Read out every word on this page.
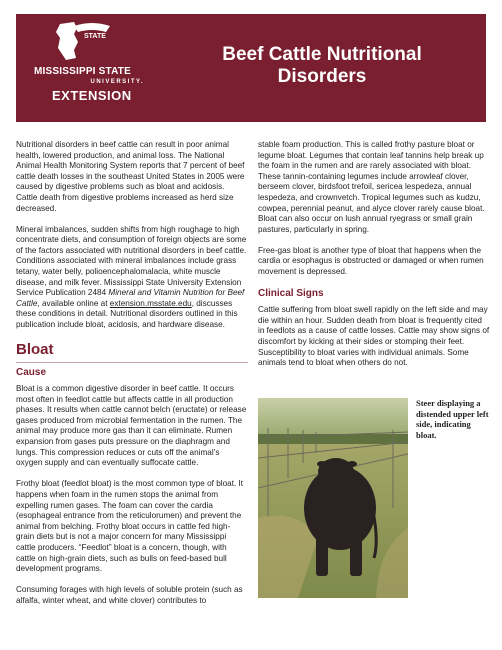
STATE
MISSISSIPPI STATE
UNIVERSITY.
EXTENSION
Beef Cattle Nutritional
Disorders

Nutritional disorders in beef cattle can result in poor animal health, lowered production, and animal loss. The National Animal Health Monitoring System reports that 7 percent of beef cattle death losses in the southeast United States in 2005 were caused by digestive problems such as bloat and acidosis. Cattle death from digestive problems increased as herd size decreased.

Mineral imbalances, sudden shifts from high roughage to high concentrate diets, and consumption of foreign objects are some of the factors associated with nutritional disorders in beef cattle. Conditions associated with mineral imbalances include grass tetany, water belly, polioencephalomalacia, white muscle disease, and milk fever. Mississippi State University Extension Service Publication 2484 Mineral and Vitamin Nutrition for Beef Cattle, available online at extension.msstate.edu, discusses these conditions in detail. Nutritional disorders outlined in this publication include bloat, acidosis, and hardware disease.

Bloat
Cause

Bloat is a common digestive disorder in beef cattle. It occurs most often in feedlot cattle but affects cattle in all production phases. It results when cattle cannot belch (eructate) or release gases produced from microbial fermentation in the rumen. The animal may produce more gas than it can eliminate. Rumen expansion from gases puts pressure on the diaphragm and lungs. This compression reduces or cuts off the animal’s oxygen supply and can eventually suffocate cattle.

Frothy bloat (feedlot bloat) is the most common type of bloat. It happens when foam in the rumen stops the animal from expelling rumen gases. The foam can cover the cardia (esophageal entrance from the reticulorumen) and prevent the animal from belching. Frothy bloat occurs in cattle fed high-grain diets but is not a major concern for many Mississippi cattle producers. “Feedlot” bloat is a concern, though, with cattle on high-grain diets, such as bulls on feed-based bull development programs.

Consuming forages with high levels of soluble protein (such as alfalfa, winter wheat, and white clover) contributes to

stable foam production. This is called frothy pasture bloat or legume bloat. Legumes that contain leaf tannins help break up the foam in the rumen and are rarely associated with bloat. These tannin-containing legumes include arrowleaf clover, berseem clover, birdsfoot trefoil, sericea lespedeza, annual lespedeza, and crownvetch. Tropical legumes such as kudzu, cowpea, perennial peanut, and alyce clover rarely cause bloat. Bloat can also occur on lush annual ryegrass or small grain pastures, particularly in spring.

Free-gas bloat is another type of bloat that happens when the cardia or esophagus is obstructed or damaged or when rumen movement is depressed.

Clinical Signs

Cattle suffering from bloat swell rapidly on the left side and may die within an hour. Sudden death from bloat is frequently cited in feedlots as a cause of cattle losses. Cattle may show signs of discomfort by kicking at their sides or stomping their feet. Susceptibility to bloat varies with individual animals. Some animals tend to bloat when others do not.

Steer displaying a distended upper left side, indicating bloat.
